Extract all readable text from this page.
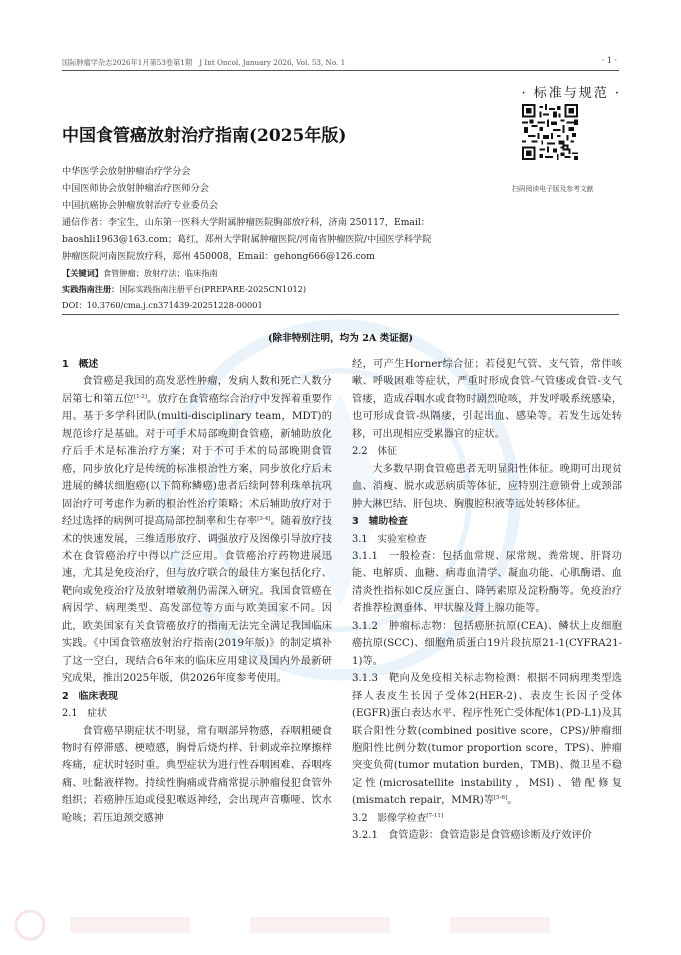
国际肿瘤学杂志2026年1月第53卷第1期　J Int Oncol, January 2026, Vol. 53, No. 1	· 1 ·
· 标准与规范 ·
扫码阅读电子版及参考文献
中国食管癌放射治疗指南(2025年版)
中华医学会放射肿瘤治疗学分会
中国医师协会放射肿瘤治疗医师分会
中国抗癌协会肿瘤放射治疗专业委员会
通信作者：李宝生，山东第一医科大学附属肿瘤医院胸部放疗科，济南 250117，Email：
baoshli1963@163.com；葛红，郑州大学附属肿瘤医院/河南省肿瘤医院/中国医学科学院
肿瘤医院河南医院放疗科，郑州 450008，Email：gehong666@126.com
【关键词】食管肿瘤；放射疗法；临床指南
实践指南注册：国际实践指南注册平台(PREPARE-2025CN1012)
DOI：10.3760/cma.j.cn371439-20251228-00001
(除非特别注明，均为 2A 类证据)

1　概述

食管癌是我国的高发恶性肿瘤，发病人数和死亡人数分居第七和第五位[1-2]。放疗在食管癌综合治疗中发挥着重要作用。基于多学科团队(multi-disciplinary team，MDT)的规范诊疗是基础。对于可手术局部晚期食管癌，新辅助放化疗后手术是标准治疗方案；对于不可手术的局部晚期食管癌，同步放化疗是传统的标准根治性方案，同步放化疗后未进展的鳞状细胞癌(以下简称鳞癌)患者后续阿替利珠单抗巩固治疗可考虑作为新的根治性治疗策略；术后辅助放疗对于经过选择的病例可提高局部控制率和生存率[3-4]。随着放疗技术的快速发展，三维适形放疗、调强放疗及图像引导放疗技术在食管癌治疗中得以广泛应用。食管癌治疗药物进展迅速，尤其是免疫治疗，但与放疗联合的最佳方案包括化疗、靶向或免疫治疗及放射增敏剂仍需深入研究。我国食管癌在病因学、病理类型、高发部位等方面与欧美国家不同。因此，欧美国家有关食管癌放疗的指南无法完全满足我国临床实践。《中国食管癌放射治疗指南(2019年版)》的制定填补了这一空白，现结合6年来的临床应用建议及国内外最新研究成果，推出2025年版，供2026年度参考使用。

2　临床表现

2.1　症状

食管癌早期症状不明显，常有咽部异物感，吞咽粗硬食物时有停滞感、梗噎感，胸骨后烧灼样、针刺或牵拉摩擦样疼痛，症状时轻时重。典型症状为进行性吞咽困难、吞咽疼痛、吐黏液样物。持续性胸痛或背痛常提示肿瘤侵犯食管外组织；若癌肿压迫或侵犯喉返神经，会出现声音嘶哑、饮水呛咳；若压迫颈交感神

经，可产生Horner综合征；若侵犯气管、支气管，常伴咳嗽、呼吸困难等症状，严重时形成食管-气管瘘或食管-支气管瘘，造成吞咽水或食物时剧烈呛咳，并发呼吸系统感染，也可形成食管-纵隔瘘，引起出血、感染等。若发生远处转移，可出现相应受累器官的症状。

2.2　体征

大多数早期食管癌患者无明显阳性体征。晚期可出现贫血、消瘦、脱水或恶病质等体征，应特别注意锁骨上或颈部肿大淋巴结、肝包块、胸腹腔积液等远处转移体征。

3　辅助检查

3.1　实验室检查

3.1.1　一般检查：包括血常规、尿常规、粪常规、肝肾功能、电解质、血糖、病毒血清学、凝血功能、心肌酶谱、血清炎性指标如C反应蛋白、降钙素原及淀粉酶等。免疫治疗者推荐检测垂体、甲状腺及肾上腺功能等。

3.1.2　肿瘤标志物：包括癌胚抗原(CEA)、鳞状上皮细胞癌抗原(SCC)、细胞角质蛋白19片段抗原21-1(CYFRA21-1)等。

3.1.3　靶向及免疫相关标志物检测：根据不同病理类型选择人表皮生长因子受体2(HER-2)、表皮生长因子受体(EGFR)蛋白表达水平、程序性死亡受体配体1(PD-L1)及其联合阳性分数(combined positive score，CPS)/肿瘤细胞阳性比例分数(tumor proportion score，TPS)、肿瘤突变负荷(tumor mutation burden，TMB)、微卫星不稳定性(microsatellite instability，MSI)、错配修复(mismatch repair，MMR)等[5-6]。

3.2　影像学检查[7-11]

3.2.1　食管造影：食管造影是食管癌诊断及疗效评价
